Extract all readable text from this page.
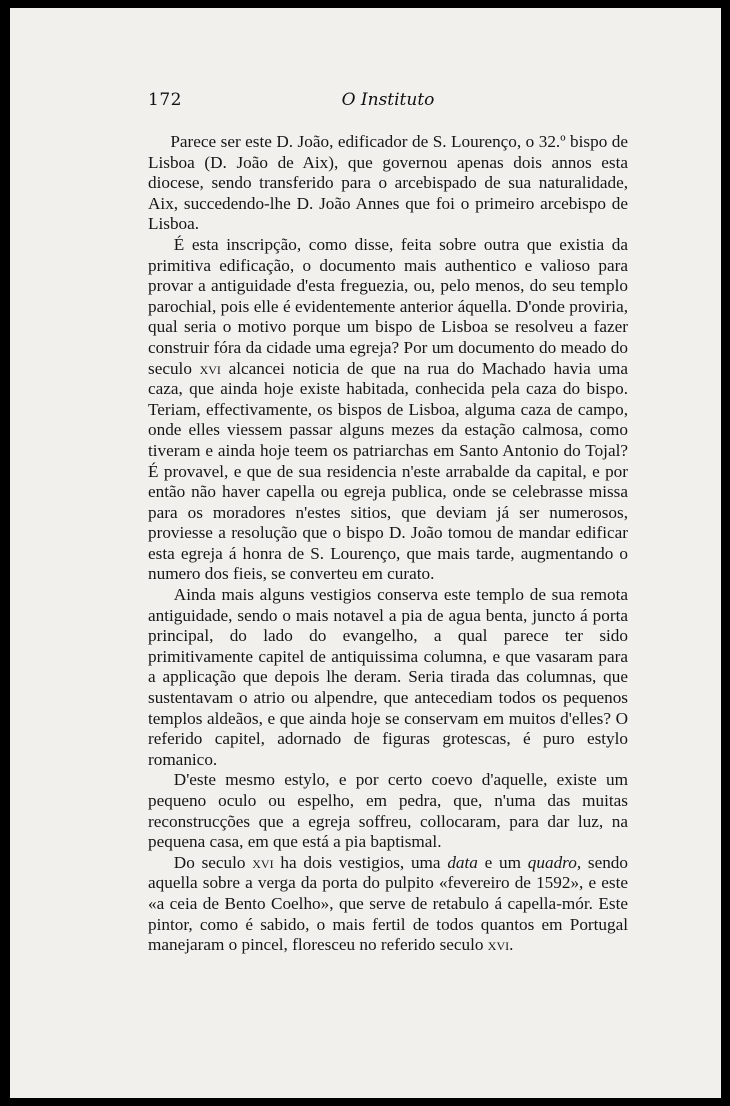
172	O Instituto

Parece ser este D. João, edificador de S. Lourenço, o 32.º bispo de Lisboa (D. João de Aix), que governou apenas dois annos esta diocese, sendo transferido para o arcebispado de sua naturalidade, Aix, succedendo-lhe D. João Annes que foi o primeiro arcebispo de Lisboa.

É esta inscripção, como disse, feita sobre outra que existia da primitiva edificação, o documento mais authentico e valioso para provar a antiguidade d'esta freguezia, ou, pelo menos, do seu templo parochial, pois elle é evidentemente anterior áquella. D'onde proviria, qual seria o motivo porque um bispo de Lisboa se resolveu a fazer construir fóra da cidade uma egreja? Por um documento do meado do seculo xvi alcancei noticia de que na rua do Machado havia uma caza, que ainda hoje existe habitada, conhecida pela caza do bispo. Teriam, effectivamente, os bispos de Lisboa, alguma caza de campo, onde elles viessem passar alguns mezes da estação calmosa, como tiveram e ainda hoje teem os patriarchas em Santo Antonio do Tojal? É provavel, e que de sua residencia n'este arrabalde da capital, e por então não haver capella ou egreja publica, onde se celebrasse missa para os moradores n'estes sitios, que deviam já ser numerosos, proviesse a resolução que o bispo D. João tomou de mandar edificar esta egreja á honra de S. Lourenço, que mais tarde, augmentando o numero dos fieis, se converteu em curato.

Ainda mais alguns vestigios conserva este templo de sua remota antiguidade, sendo o mais notavel a pia de agua benta, juncto á porta principal, do lado do evangelho, a qual parece ter sido primitivamente capitel de antiquissima columna, e que vasaram para a applicação que depois lhe deram. Seria tirada das columnas, que sustentavam o atrio ou alpendre, que antecediam todos os pequenos templos aldeãos, e que ainda hoje se conservam em muitos d'elles? O referido capitel, adornado de figuras grotescas, é puro estylo romanico.

D'este mesmo estylo, e por certo coevo d'aquelle, existe um pequeno oculo ou espelho, em pedra, que, n'uma das muitas reconstrucções que a egreja soffreu, collocaram, para dar luz, na pequena casa, em que está a pia baptismal.

Do seculo xvi ha dois vestigios, uma data e um quadro, sendo aquella sobre a verga da porta do pulpito «fevereiro de 1592», e este «a ceia de Bento Coelho», que serve de retabulo á capella-mór. Este pintor, como é sabido, o mais fertil de todos quantos em Portugal manejaram o pincel, floresceu no referido seculo xvi.
